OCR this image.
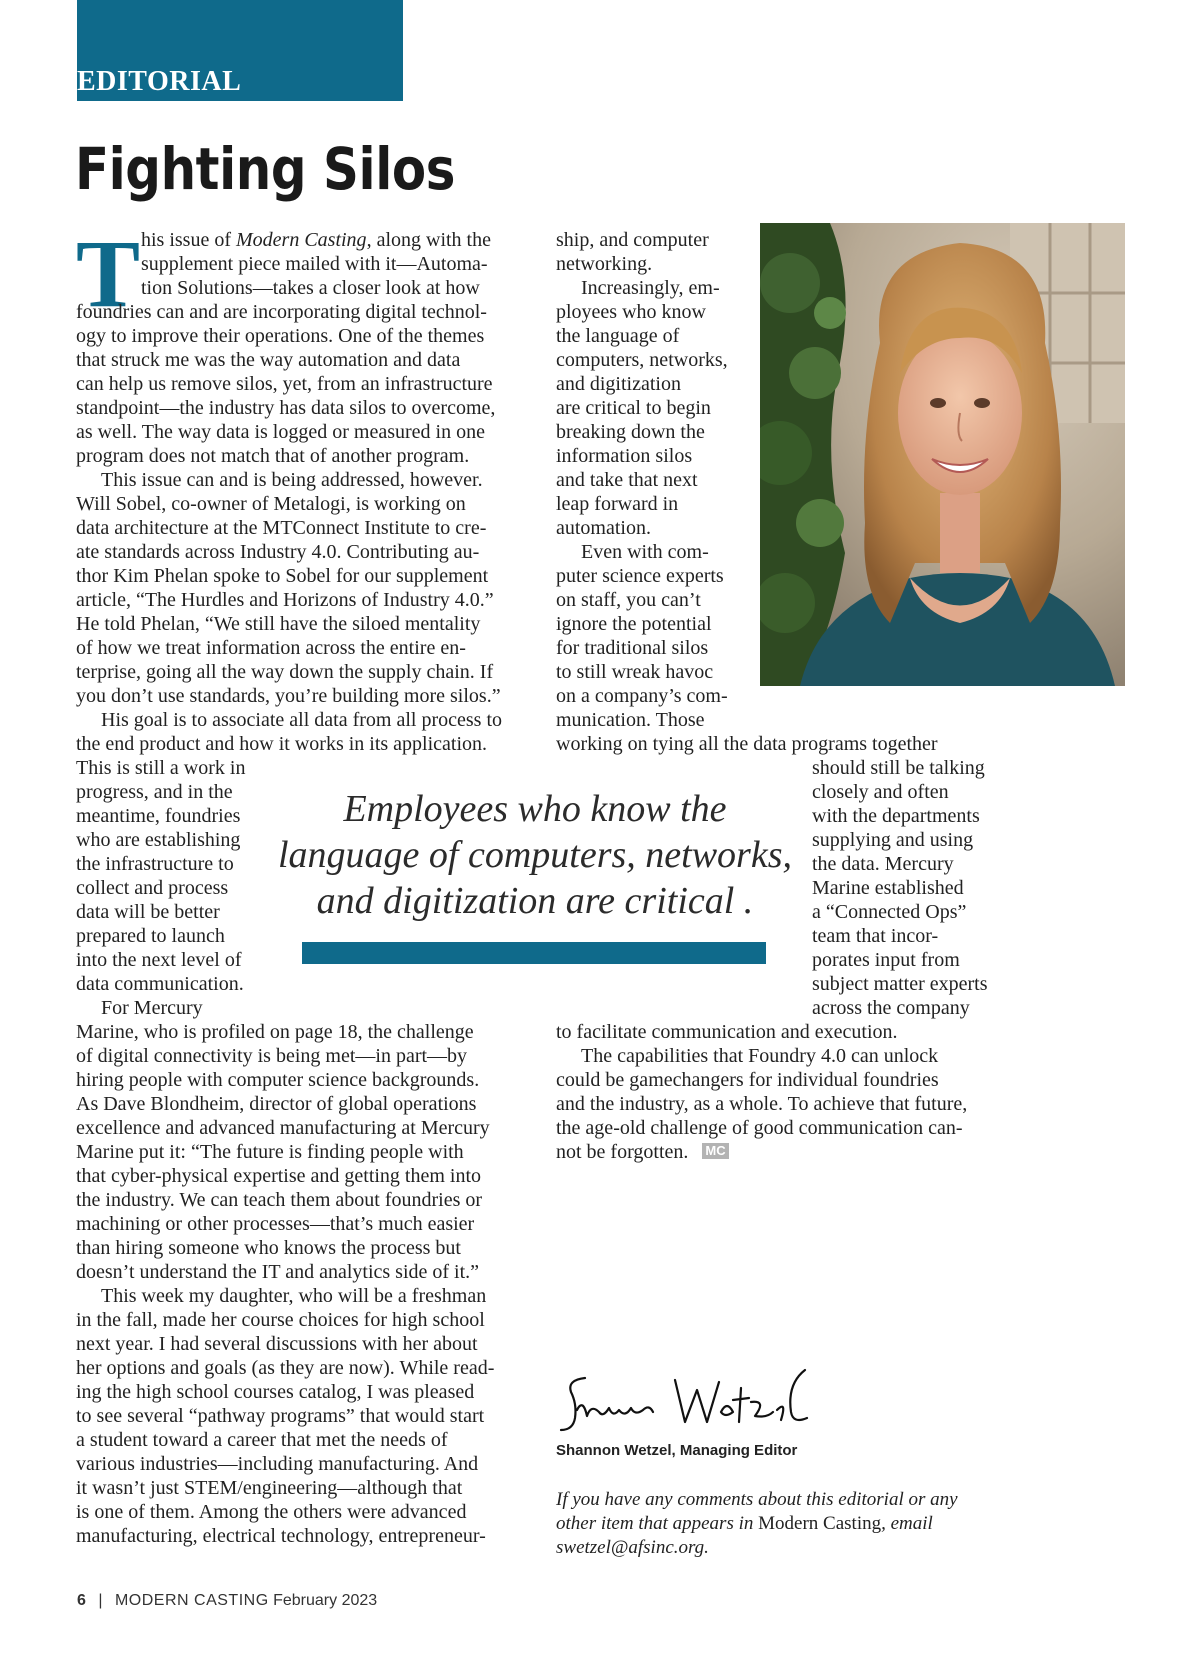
EDITORIAL
Fighting Silos
T his issue of Modern Casting, along with the
supplement piece mailed with it—Automa-
tion Solutions—takes a closer look at how
foundries can and are incorporating digital technol-
ogy to improve their operations. One of the themes
that struck me was the way automation and data
can help us remove silos, yet, from an infrastructure
standpoint—the industry has data silos to overcome,
as well. The way data is logged or measured in one
program does not match that of another program.
This issue can and is being addressed, however.
Will Sobel, co-owner of Metalogi, is working on
data architecture at the MTConnect Institute to cre-
ate standards across Industry 4.0. Contributing au-
thor Kim Phelan spoke to Sobel for our supplement
article, “The Hurdles and Horizons of Industry 4.0.”
He told Phelan, “We still have the siloed mentality
of how we treat information across the entire en-
terprise, going all the way down the supply chain. If
you don’t use standards, you’re building more silos.”
His goal is to associate all data from all process to
the end product and how it works in its application.
This is still a work in
progress, and in the
meantime, foundries
who are establishing
the infrastructure to
collect and process
data will be better
prepared to launch
into the next level of
data communication.
For Mercury
Marine, who is profiled on page 18, the challenge
of digital connectivity is being met—in part—by
hiring people with computer science backgrounds.
As Dave Blondheim, director of global operations
excellence and advanced manufacturing at Mercury
Marine put it: “The future is finding people with
that cyber-physical expertise and getting them into
the industry. We can teach them about foundries or
machining or other processes—that’s much easier
than hiring someone who knows the process but
doesn’t understand the IT and analytics side of it.”
This week my daughter, who will be a freshman
in the fall, made her course choices for high school
next year. I had several discussions with her about
her options and goals (as they are now). While read-
ing the high school courses catalog, I was pleased
to see several “pathway programs” that would start
a student toward a career that met the needs of
various industries—including manufacturing. And
it wasn’t just STEM/engineering—although that
is one of them. Among the others were advanced
manufacturing, electrical technology, entrepreneur-
ship, and computer
networking.
Increasingly, em-
ployees who know
the language of
computers, networks,
and digitization
are critical to begin
breaking down the
information silos
and take that next
leap forward in
automation.
Even with com-
puter science experts
on staff, you can’t
ignore the potential
for traditional silos
to still wreak havoc
on a company’s com-
munication. Those
working on tying all the data programs together
should still be talking
closely and often
with the departments
supplying and using
the data. Mercury
Marine established
a “Connected Ops”
team that incor-
porates input from
subject matter experts
across the company
to facilitate communication and execution.
The capabilities that Foundry 4.0 can unlock
could be gamechangers for individual foundries
and the industry, as a whole. To achieve that future,
the age-old challenge of good communication can-
not be forgotten. MC
Employees who know the
language of computers, networks,
and digitization are critical .
Shannon Wetzel, Managing Editor
If you have any comments about this editorial or any
other item that appears in Modern Casting, email
swetzel@afsinc.org.
6 | MODERN CASTING February 2023
